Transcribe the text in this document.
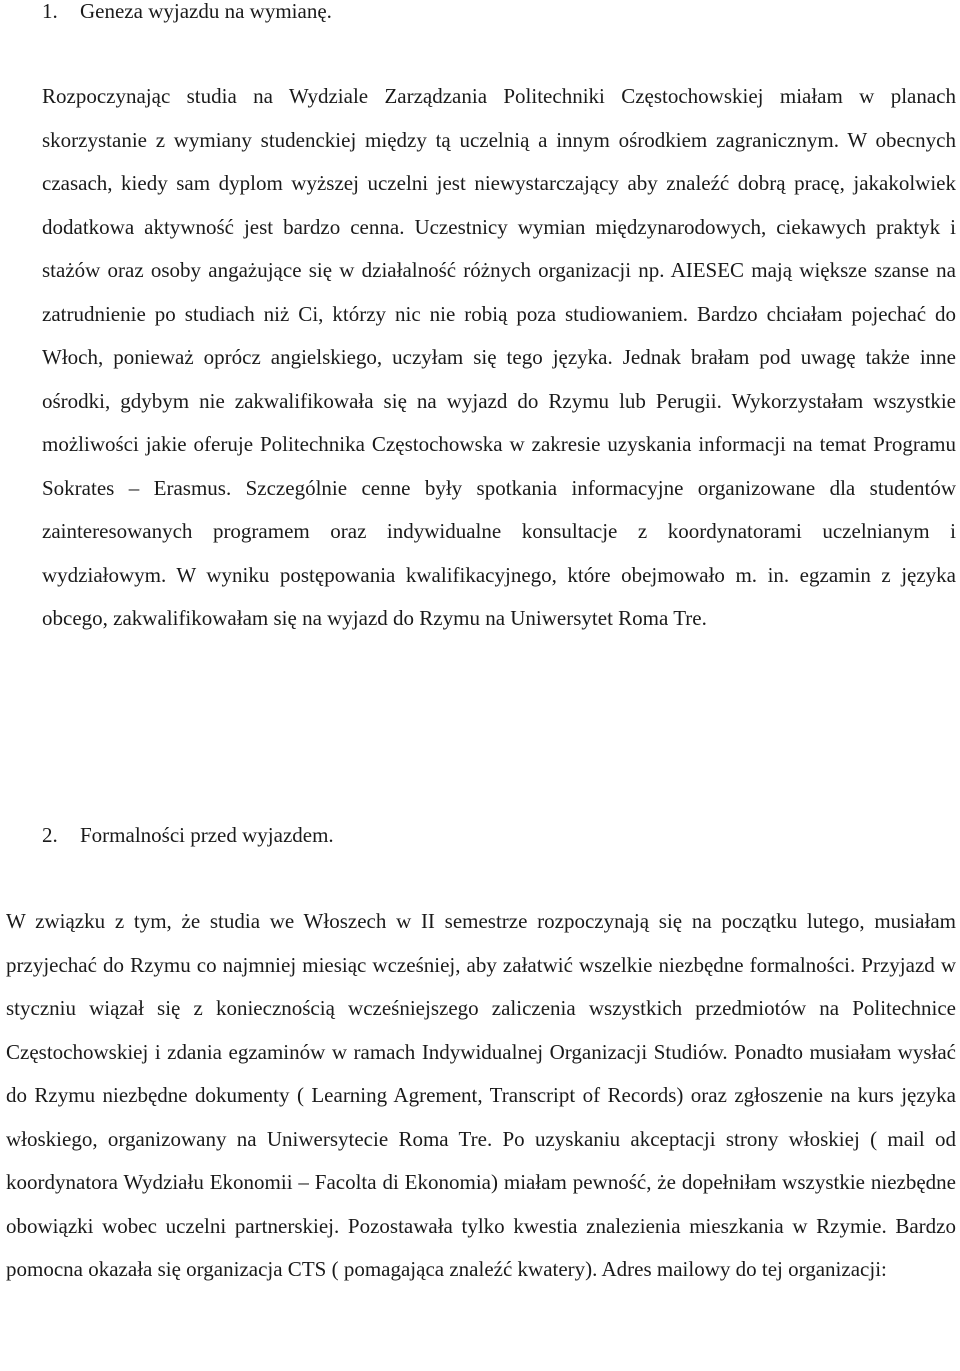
1. Geneza wyjazdu na wymianę.

Rozpoczynając studia na Wydziale Zarządzania Politechniki Częstochowskiej miałam w planach skorzystanie z wymiany studenckiej między tą uczelnią a innym ośrodkiem zagranicznym. W obecnych czasach, kiedy sam dyplom wyższej uczelni jest niewystarczający aby znaleźć dobrą pracę, jakakolwiek dodatkowa aktywność jest bardzo cenna. Uczestnicy wymian międzynarodowych, ciekawych praktyk i stażów oraz osoby angażujące się w działalność różnych organizacji np. AIESEC mają większe szanse na zatrudnienie po studiach niż Ci, którzy nic nie robią poza studiowaniem. Bardzo chciałam pojechać do Włoch, ponieważ oprócz angielskiego, uczyłam się tego języka. Jednak brałam pod uwagę także inne ośrodki, gdybym nie zakwalifikowała się na wyjazd do Rzymu lub Perugii. Wykorzystałam wszystkie możliwości jakie oferuje Politechnika Częstochowska w zakresie uzyskania informacji na temat Programu Sokrates – Erasmus. Szczególnie cenne były spotkania informacyjne organizowane dla studentów zainteresowanych programem oraz indywidualne konsultacje z koordynatorami uczelnianym i wydziałowym. W wyniku postępowania kwalifikacyjnego, które obejmowało m. in. egzamin z języka obcego, zakwalifikowałam się na wyjazd do Rzymu na Uniwersytet Roma Tre.

2. Formalności przed wyjazdem.

W związku z tym, że studia we Włoszech w II semestrze rozpoczynają się na początku lutego, musiałam przyjechać do Rzymu co najmniej miesiąc wcześniej, aby załatwić wszelkie niezbędne formalności. Przyjazd w styczniu wiązał się z koniecznością wcześniejszego zaliczenia wszystkich przedmiotów na Politechnice Częstochowskiej i zdania egzaminów w ramach Indywidualnej Organizacji Studiów. Ponadto musiałam wysłać do Rzymu niezbędne dokumenty ( Learning Agrement, Transcript of Records) oraz zgłoszenie na kurs języka włoskiego, organizowany na Uniwersytecie Roma Tre. Po uzyskaniu akceptacji strony włoskiej ( mail od koordynatora Wydziału Ekonomii – Facolta di Ekonomia) miałam pewność, że dopełniłam wszystkie niezbędne obowiązki wobec uczelni partnerskiej. Pozostawała tylko kwestia znalezienia mieszkania w Rzymie. Bardzo pomocna okazała się organizacja CTS ( pomagająca znaleźć kwatery). Adres mailowy do tej organizacji:
